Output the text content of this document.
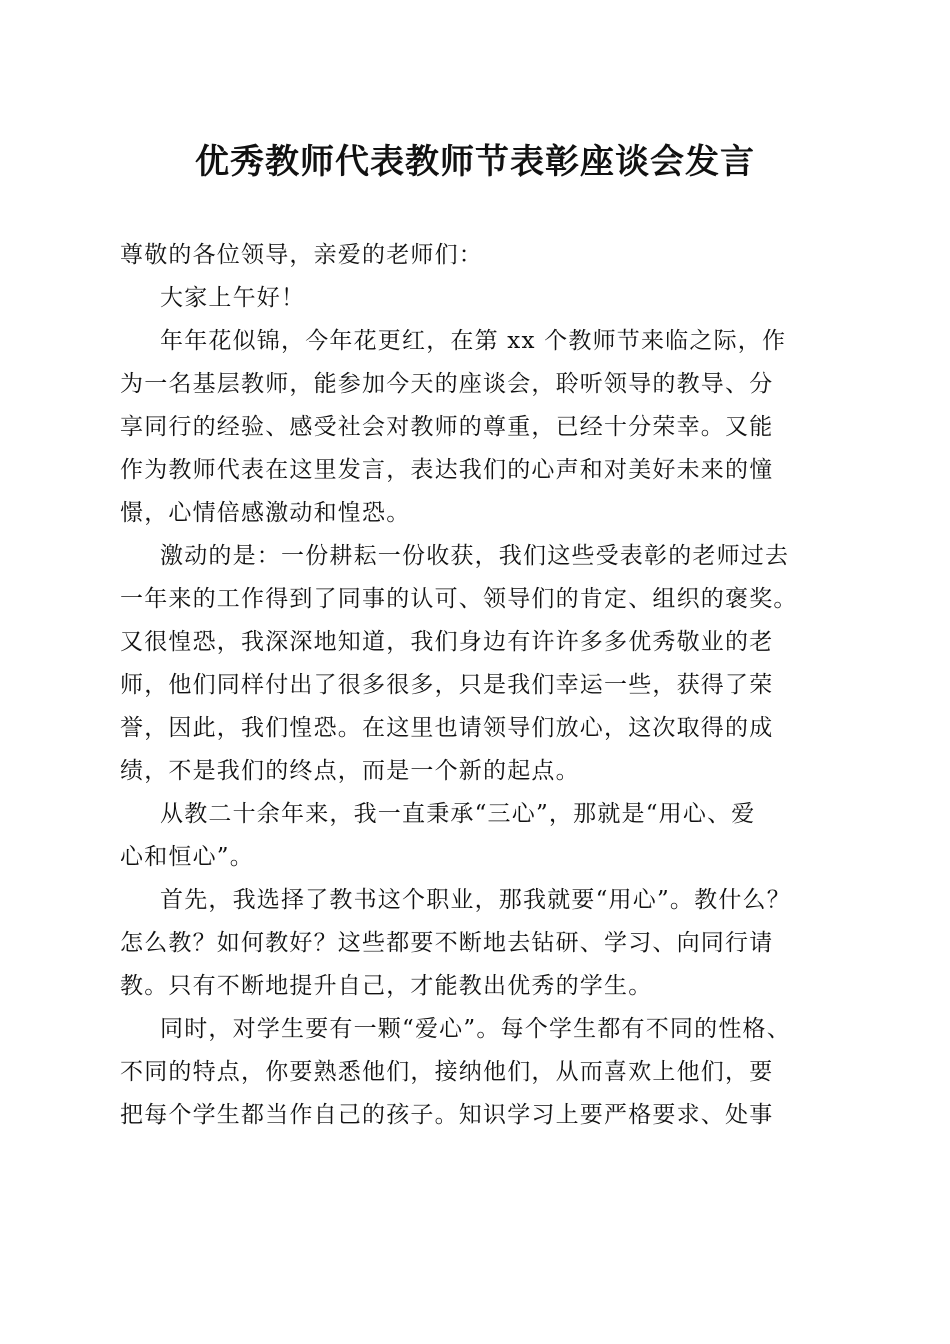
优秀教师代表教师节表彰座谈会发言

尊敬的各位领导，亲爱的老师们：

大家上午好！

年年花似锦，今年花更红，在第 xx 个教师节来临之际，作
为一名基层教师，能参加今天的座谈会，聆听领导的教导、分
享同行的经验、感受社会对教师的尊重，已经十分荣幸。又能
作为教师代表在这里发言，表达我们的心声和对美好未来的憧
憬，心情倍感激动和惶恐。

激动的是：一份耕耘一份收获，我们这些受表彰的老师过去
一年来的工作得到了同事的认可、领导们的肯定、组织的褒奖。
又很惶恐，我深深地知道，我们身边有许许多多优秀敬业的老
师，他们同样付出了很多很多，只是我们幸运一些，获得了荣
誉，因此，我们惶恐。在这里也请领导们放心，这次取得的成
绩，不是我们的终点，而是一个新的起点。

从教二十余年来，我一直秉承“三心”，那就是“用心、爱
心和恒心”。

首先，我选择了教书这个职业，那我就要“用心”。教什么？
怎么教？如何教好？这些都要不断地去钻研、学习、向同行请
教。只有不断地提升自己，才能教出优秀的学生。

同时，对学生要有一颗“爱心”。每个学生都有不同的性格、
不同的特点，你要熟悉他们，接纳他们，从而喜欢上他们，要
把每个学生都当作自己的孩子。知识学习上要严格要求、处事
